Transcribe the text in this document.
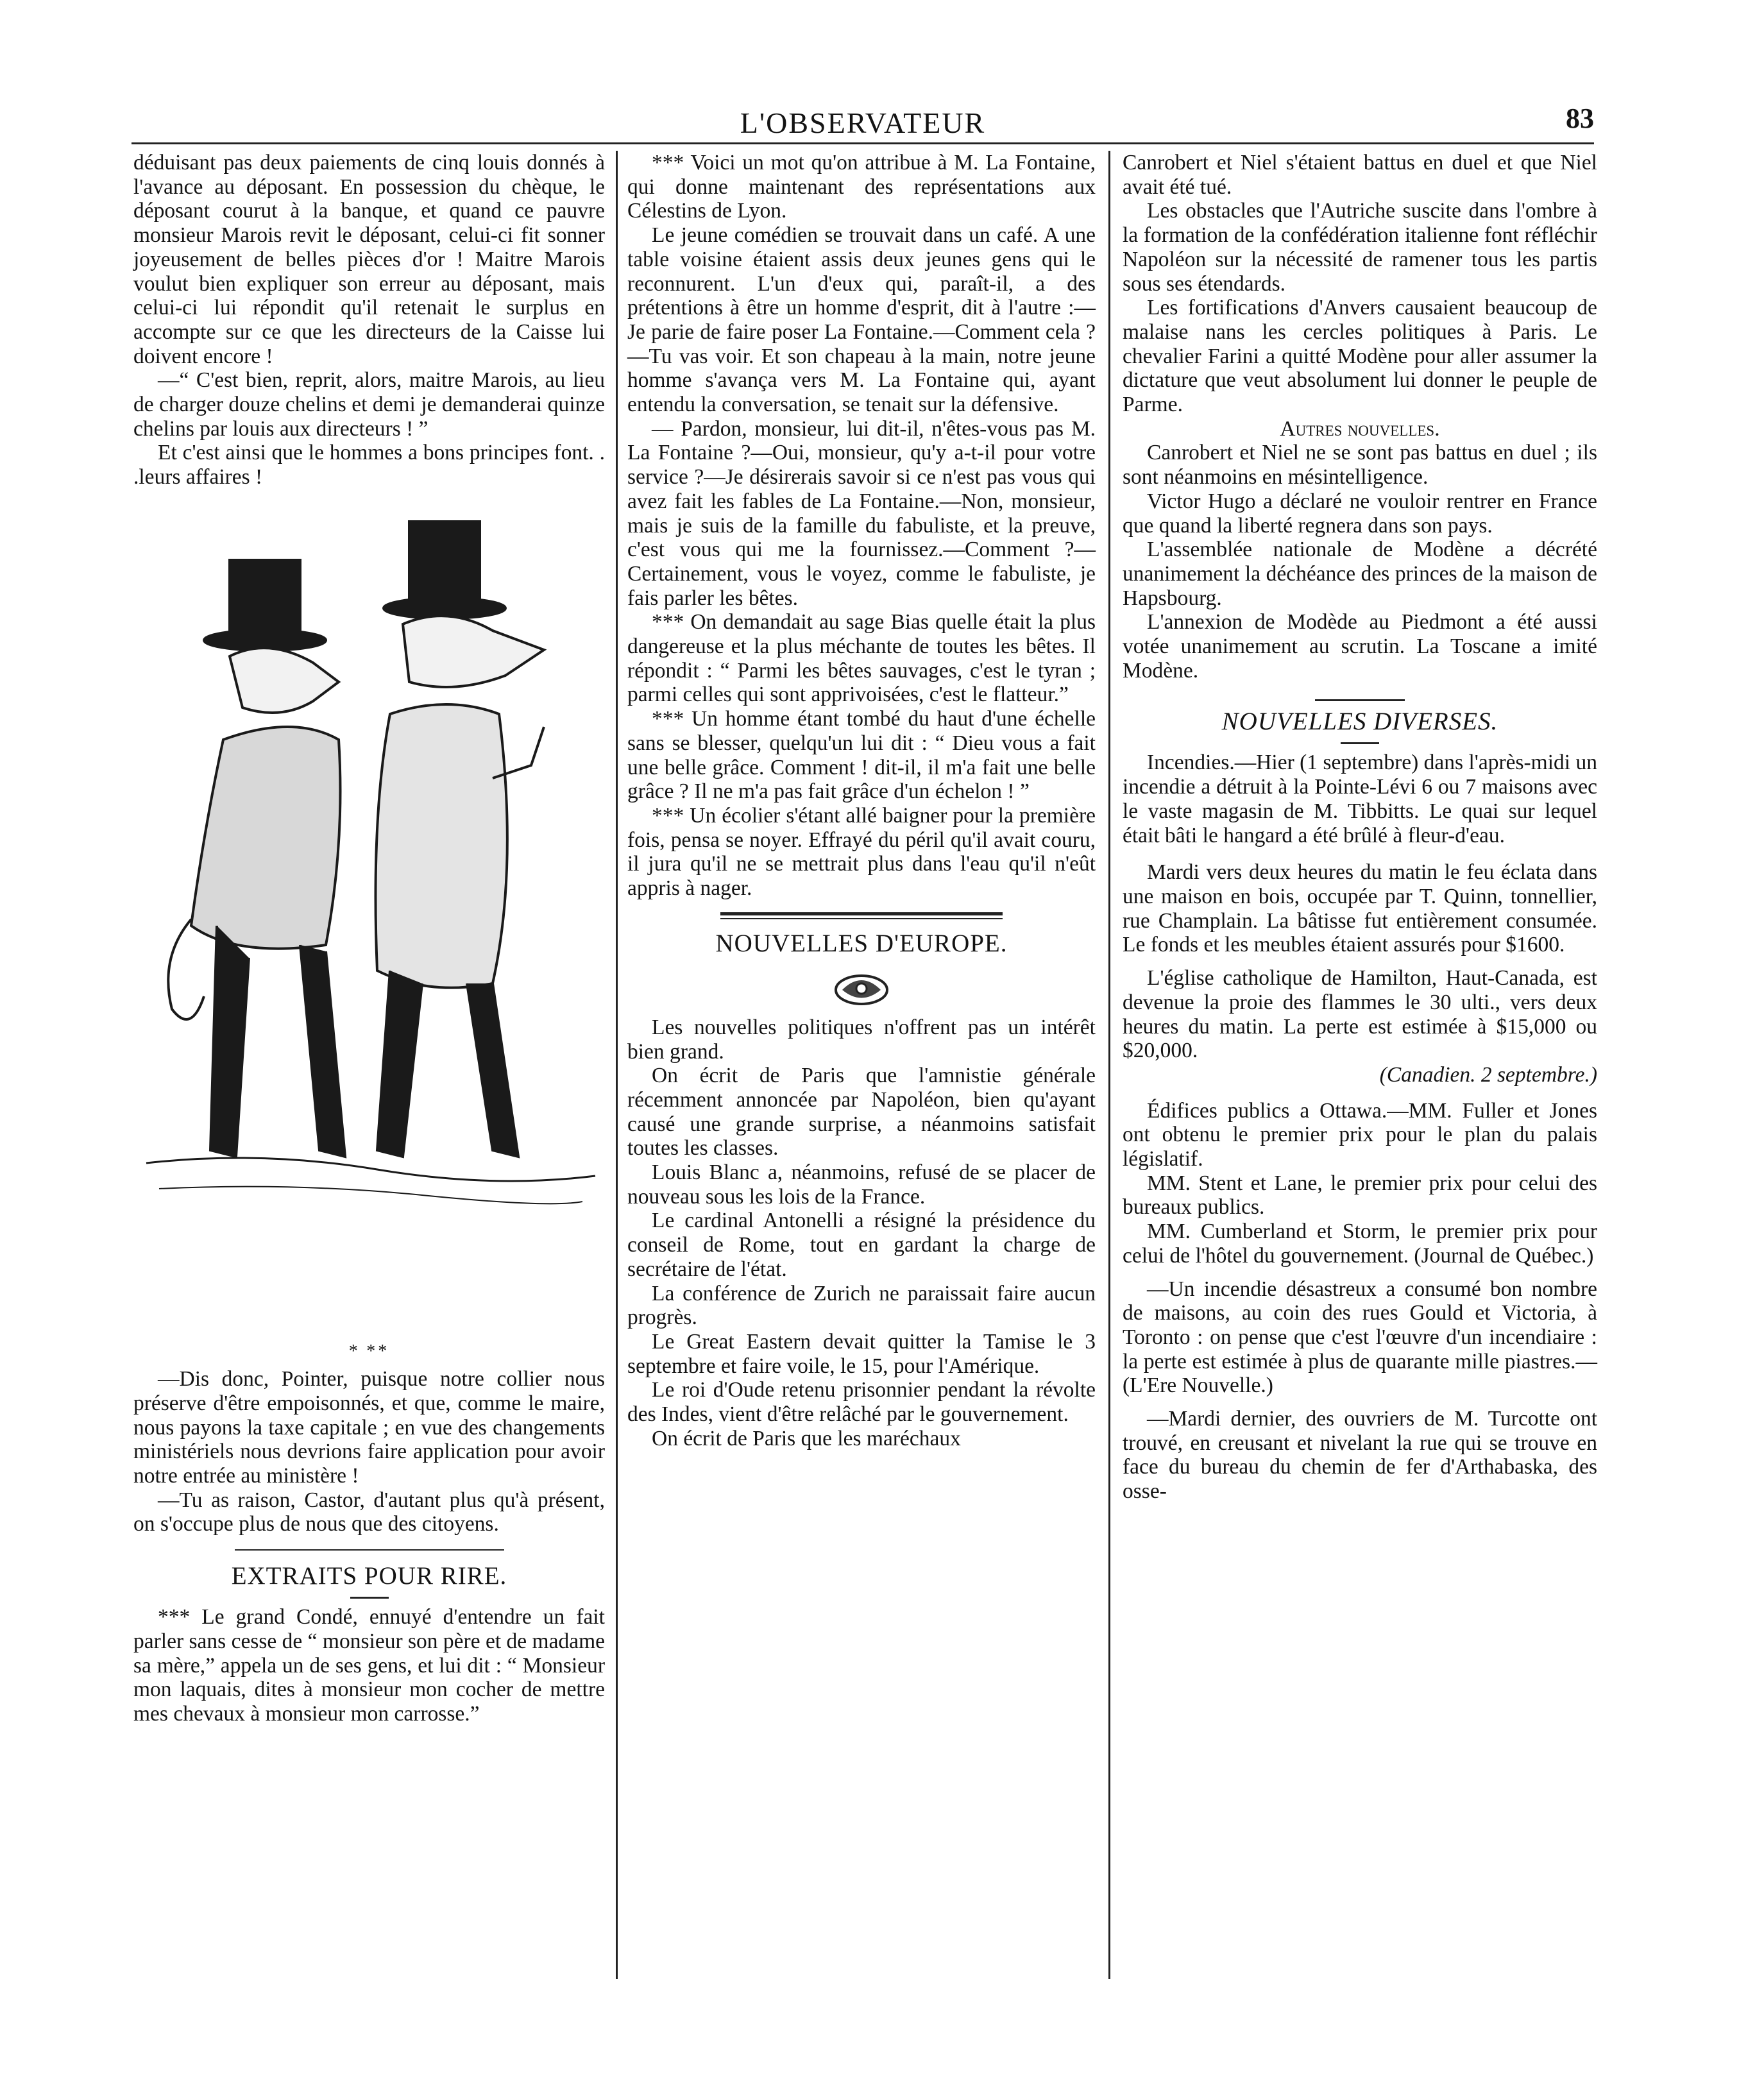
L'OBSERVATEUR	83

déduisant pas deux paiements de cinq louis donnés à l'avance au déposant. En possession du chèque, le déposant courut à la banque, et quand ce pauvre monsieur Marois revit le déposant, celui-ci fit sonner joyeusement de belles pièces d'or ! Maitre Marois voulut bien expliquer son erreur au déposant, mais celui-ci lui répondit qu'il retenait le surplus en accompte sur ce que les directeurs de la Caisse lui doivent encore !

—“ C'est bien, reprit, alors, maitre Marois, au lieu de charger douze chelins et demi je demanderai quinze chelins par louis aux directeurs ! ”

Et c'est ainsi que le hommes a bons principes font. . .leurs affaires !

* **

—Dis donc, Pointer, puisque notre collier nous préserve d'être empoisonnés, et que, comme le maire, nous payons la taxe capitale ; en vue des changements ministériels nous devrions faire application pour avoir notre entrée au ministère !

—Tu as raison, Castor, d'autant plus qu'à présent, on s'occupe plus de nous que des citoyens.

EXTRAITS POUR RIRE.

*** Le grand Condé, ennuyé d'entendre un fait parler sans cesse de “ monsieur son père et de madame sa mère,” appela un de ses gens, et lui dit : “ Monsieur mon laquais, dites à monsieur mon cocher de mettre mes chevaux à monsieur mon carrosse.”

*** Voici un mot qu'on attribue à M. La Fontaine, qui donne maintenant des représentations aux Célestins de Lyon.

Le jeune comédien se trouvait dans un café. A une table voisine étaient assis deux jeunes gens qui le reconnurent. L'un d'eux qui, paraît-il, a des prétentions à être un homme d'esprit, dit à l'autre :—Je parie de faire poser La Fontaine.—Comment cela ?—Tu vas voir. Et son chapeau à la main, notre jeune homme s'avança vers M. La Fontaine qui, ayant entendu la conversation, se tenait sur la défensive.

— Pardon, monsieur, lui dit-il, n'êtes-vous pas M. La Fontaine ?—Oui, monsieur, qu'y a-t-il pour votre service ?—Je désirerais savoir si ce n'est pas vous qui avez fait les fables de La Fontaine.—Non, monsieur, mais je suis de la famille du fabuliste, et la preuve, c'est vous qui me la fournissez.—Comment ?—Certainement, vous le voyez, comme le fabuliste, je fais parler les bêtes.

*** On demandait au sage Bias quelle était la plus dangereuse et la plus méchante de toutes les bêtes. Il répondit : “ Parmi les bêtes sauvages, c'est le tyran ; parmi celles qui sont apprivoisées, c'est le flatteur.”

*** Un homme étant tombé du haut d'une échelle sans se blesser, quelqu'un lui dit : “ Dieu vous a fait une belle grâce. Comment ! dit-il, il m'a fait une belle grâce ? Il ne m'a pas fait grâce d'un échelon ! ”

*** Un écolier s'étant allé baigner pour la première fois, pensa se noyer. Effrayé du péril qu'il avait couru, il jura qu'il ne se mettrait plus dans l'eau qu'il n'eût appris à nager.

NOUVELLES D'EUROPE.

Les nouvelles politiques n'offrent pas un intérêt bien grand.

On écrit de Paris que l'amnistie générale récemment annoncée par Napoléon, bien qu'ayant causé une grande surprise, a néanmoins satisfait toutes les classes.

Louis Blanc a, néanmoins, refusé de se placer de nouveau sous les lois de la France.

Le cardinal Antonelli a résigné la présidence du conseil de Rome, tout en gardant la charge de secrétaire de l'état.

La conférence de Zurich ne paraissait faire aucun progrès.

Le Great Eastern devait quitter la Tamise le 3 septembre et faire voile, le 15, pour l'Amérique.

Le roi d'Oude retenu prisonnier pendant la révolte des Indes, vient d'être relâché par le gouvernement.

On écrit de Paris que les maréchaux

Canrobert et Niel s'étaient battus en duel et que Niel avait été tué.

Les obstacles que l'Autriche suscite dans l'ombre à la formation de la confédération italienne font réfléchir Napoléon sur la nécessité de ramener tous les partis sous ses étendards.

Les fortifications d'Anvers causaient beaucoup de malaise nans les cercles politiques à Paris. Le chevalier Farini a quitté Modène pour aller assumer la dictature que veut absolument lui donner le peuple de Parme.

Autres nouvelles.

Canrobert et Niel ne se sont pas battus en duel ; ils sont néanmoins en mésintelligence.

Victor Hugo a déclaré ne vouloir rentrer en France que quand la liberté regnera dans son pays.

L'assemblée nationale de Modène a décrété unanimement la déchéance des princes de la maison de Hapsbourg.

L'annexion de Modède au Piedmont a été aussi votée unanimement au scrutin. La Toscane a imité Modène.

NOUVELLES DIVERSES.

Incendies.—Hier (1 septembre) dans l'après-midi un incendie a détruit à la Pointe-Lévi 6 ou 7 maisons avec le vaste magasin de M. Tibbitts. Le quai sur lequel était bâti le hangard a été brûlé à fleur-d'eau.

Mardi vers deux heures du matin le feu éclata dans une maison en bois, occupée par T. Quinn, tonnellier, rue Champlain. La bâtisse fut entièrement consumée. Le fonds et les meubles étaient assurés pour $1600.

L'église catholique de Hamilton, Haut-Canada, est devenue la proie des flammes le 30 ulti., vers deux heures du matin. La perte est estimée à $15,000 ou $20,000.

(Canadien. 2 septembre.)

Édifices publics a Ottawa.—MM. Fuller et Jones ont obtenu le premier prix pour le plan du palais législatif.

MM. Stent et Lane, le premier prix pour celui des bureaux publics.

MM. Cumberland et Storm, le premier prix pour celui de l'hôtel du gouvernement. (Journal de Québec.)

—Un incendie désastreux a consumé bon nombre de maisons, au coin des rues Gould et Victoria, à Toronto : on pense que c'est l'œuvre d'un incendiaire : la perte est estimée à plus de quarante mille piastres.—(L'Ere Nouvelle.)

—Mardi dernier, des ouvriers de M. Turcotte ont trouvé, en creusant et nivelant la rue qui se trouve en face du bureau du chemin de fer d'Arthabaska, des osse-
